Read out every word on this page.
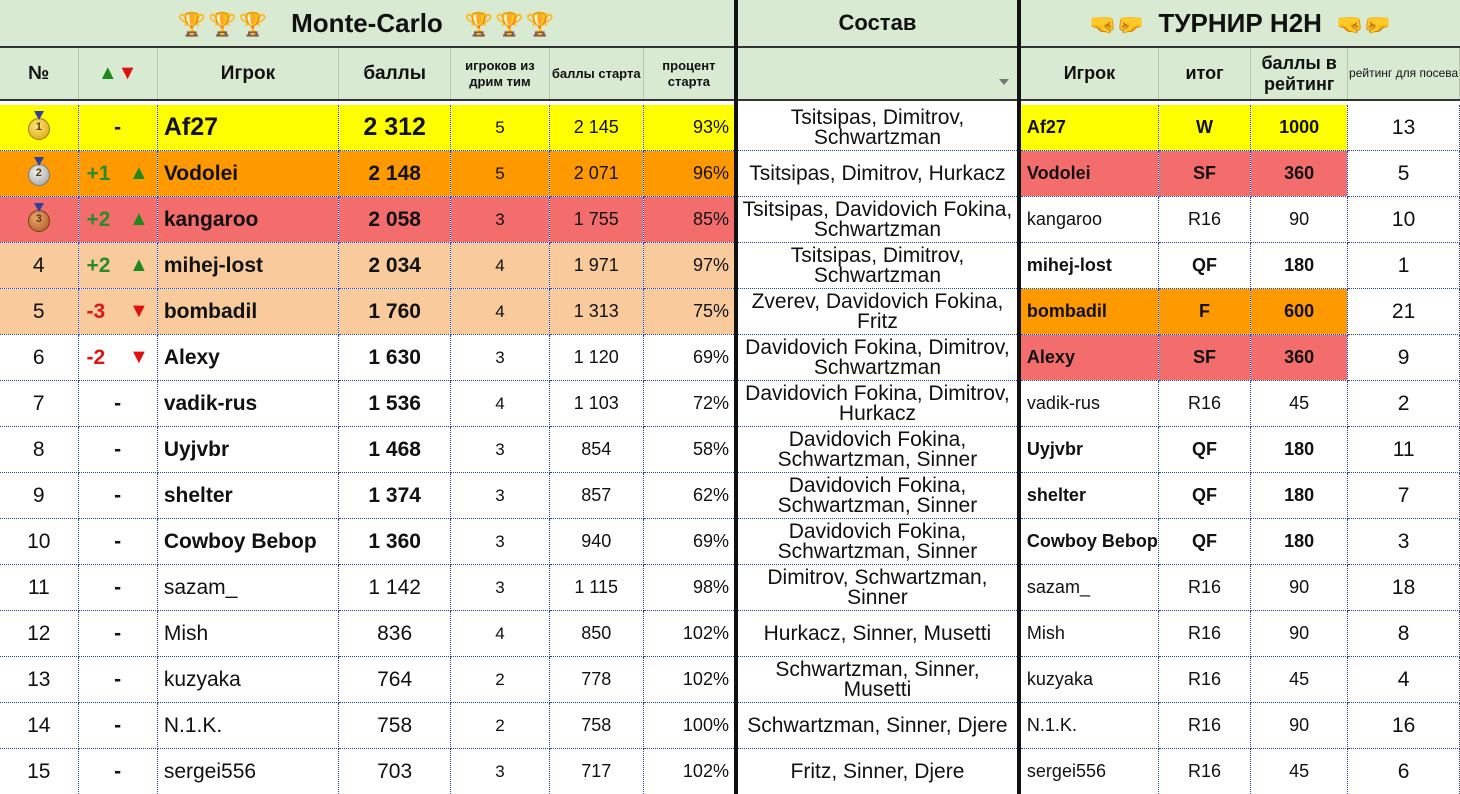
🏆🏆🏆 Monte-Carlo 🏆🏆🏆							Состав	🤜🤛 ТУРНИР H2H 🤜🤛			
№	▲▼	Игрок	баллы	игроков из дрим тим	баллы старта	процент старта		Игрок	итог	баллы в рейтинг	рейтинг для посева

1	-	Af27	2 312	5	2 145	93%	Tsitsipas, Dimitrov, Schwartzman	Af27	W	1000	13

2	+1 ▲	Vodolei	2 148	5	2 071	96%	Tsitsipas, Dimitrov, Hurkacz	Vodolei	SF	360	5

3	+2 ▲	kangaroo	2 058	3	1 755	85%	Tsitsipas, Davidovich Fokina, Schwartzman	kangaroo	R16	90	10
4	+2 ▲	mihej-lost	2 034	4	1 971	97%	Tsitsipas, Dimitrov, Schwartzman	mihej-lost	QF	180	1
5	-3 ▼	bombadil	1 760	4	1 313	75%	Zverev, Davidovich Fokina, Fritz	bombadil	F	600	21
6	-2 ▼	Alexy	1 630	3	1 120	69%	Davidovich Fokina, Dimitrov, Schwartzman	Alexy	SF	360	9
7	-	vadik-rus	1 536	4	1 103	72%	Davidovich Fokina, Dimitrov, Hurkacz	vadik-rus	R16	45	2
8	-	Uyjvbr	1 468	3	854	58%	Davidovich Fokina, Schwartzman, Sinner	Uyjvbr	QF	180	11
9	-	shelter	1 374	3	857	62%	Davidovich Fokina, Schwartzman, Sinner	shelter	QF	180	7
10	-	Cowboy Bebop	1 360	3	940	69%	Davidovich Fokina, Schwartzman, Sinner	Cowboy Bebop	QF	180	3
11	-	sazam_	1 142	3	1 115	98%	Dimitrov, Schwartzman, Sinner	sazam_	R16	90	18
12	-	Mish	836	4	850	102%	Hurkacz, Sinner, Musetti	Mish	R16	90	8
13	-	kuzyaka	764	2	778	102%	Schwartzman, Sinner, Musetti	kuzyaka	R16	45	4
14	-	N.1.K.	758	2	758	100%	Schwartzman, Sinner, Djere	N.1.K.	R16	90	16
15	-	sergei556	703	3	717	102%	Fritz, Sinner, Djere	sergei556	R16	45	6
